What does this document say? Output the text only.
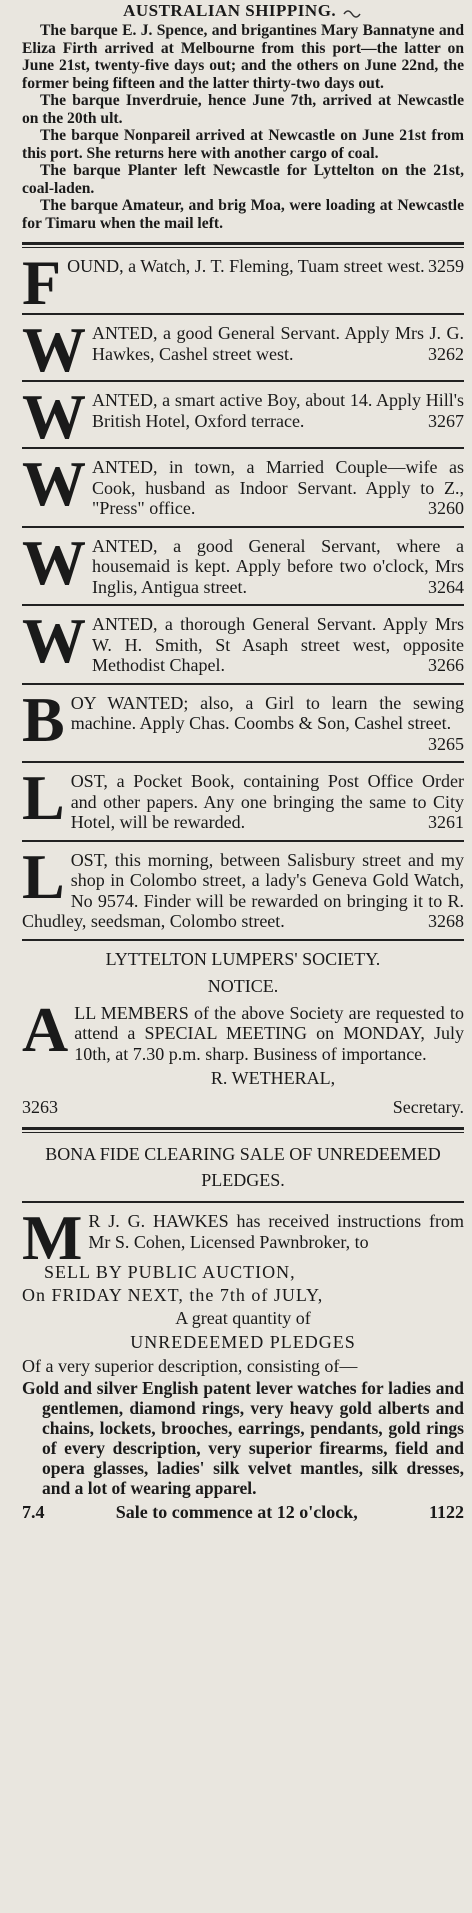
AUSTRALIAN SHIPPING.

The barque E. J. Spence, and brigantines Mary Bannatyne and Eliza Firth arrived at Melbourne from this port—the latter on June 21st, twenty-five days out; and the others on June 22nd, the former being fifteen and the latter thirty-two days out.

The barque Inverdruie, hence June 7th, arrived at Newcastle on the 20th ult.

The barque Nonpareil arrived at Newcastle on June 21st from this port. She returns here with another cargo of coal.

The barque Planter left Newcastle for Lyttelton on the 21st, coal-laden.

The barque Amateur, and brig Moa, were loading at Newcastle for Timaru when the mail left.

F OUND, a Watch, J. T. Fleming, Tuam street west. 3259
W ANTED, a good General Servant. Apply Mrs J. G. Hawkes, Cashel street west.	3262
W ANTED, a smart active Boy, about 14. Apply Hill's British Hotel, Oxford terrace.	3267
W ANTED, in town, a Married Couple—wife as Cook, husband as Indoor Servant. Apply to Z., "Press" office.	3260
W ANTED, a good General Servant, where a housemaid is kept. Apply before two o'clock, Mrs Inglis, Antigua street.	3264
W ANTED, a thorough General Servant. Apply Mrs W. H. Smith, St Asaph street west, opposite Methodist Chapel.	3266
B OY WANTED; also, a Girl to learn the sewing machine. Apply Chas. Coombs & Son, Cashel street.
3265
L OST, a Pocket Book, containing Post Office Order and other papers. Any one bringing the same to City Hotel, will be rewarded.	3261
L OST, this morning, between Salisbury street and my shop in Colombo street, a lady's Geneva Gold Watch, No 9574. Finder will be rewarded on bringing it to R. Chudley, seedsman, Colombo street.	3268
LYTTELTON LUMPERS' SOCIETY.
NOTICE.
A LL MEMBERS of the above Society are requested to attend a SPECIAL MEETING on MONDAY, July 10th, at 7.30 p.m. sharp. Business of importance.
R. WETHERAL,
3263	Secretary.
BONA FIDE CLEARING SALE OF UNREDEEMED PLEDGES.
M R J. G. HAWKES has received instructions from Mr S. Cohen, Licensed Pawnbroker, to
SELL BY PUBLIC AUCTION,
On FRIDAY NEXT, the 7th of JULY,
A great quantity of
UNREDEEMED PLEDGES
Of a very superior description, consisting of—
Gold and silver English patent lever watches for ladies and gentlemen, diamond rings, very heavy gold alberts and chains, lockets, brooches, earrings, pendants, gold rings of every description, very superior firearms, field and opera glasses, ladies' silk velvet mantles, silk dresses, and a lot of wearing apparel.
7.4	Sale to commence at 12 o'clock,	1122
